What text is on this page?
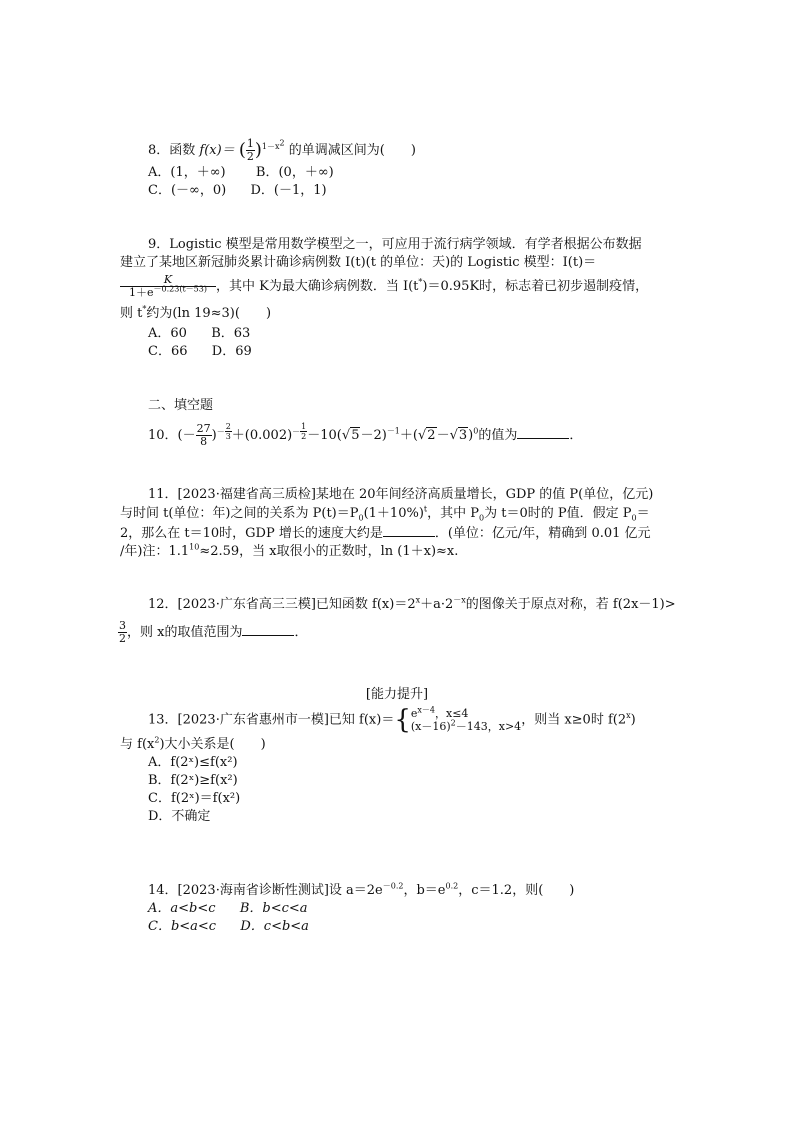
8．函数 f(x)＝ ( $\frac{1}{2} )^{1-x^2}$ 的单调减区间为(　　)
A．(1，＋∞) B．(0，＋∞)
C．(－∞，0) D．(－1，1)
9．Logistic 模型是常用数学模型之一，可应用于流行病学领域．有学者根据公布数据
建立了某地区新冠肺炎累计确诊病例数 I(t)(t 的单位：天)的 Logistic 模型：I(t)＝
$\frac{K}{1+e^{-0.23(t-53)}}$ ，其中 K为最大确诊病例数．当 I(t*)＝0.95K时，标志着已初步遏制疫情，
则 t*约为(ln 19≈3)(　　)
A．60 B．63
C．66 D．69
二、填空题
10．(－ $\frac{27}{8} )^{- \frac{2}{3}} +(0.002)^{- \frac{1}{2}} -10(√5-2)^{-1}+(√2-√3)^0$的值为	．
11．[2023·福建省高三质检]某地在 20年间经济高质量增长，GDP 的值 P(单位，亿元)
与时间 t(单位：年)之间的关系为 $P(t)=P_0(1+10\%)^t$，其中 $P_0$为 t＝0时的 P值．假定 $P_0=$
2，那么在 t＝10时，GDP 增长的速度大约是	．(单位：亿元/年，精确到 0.01 亿元
/年)注：$1.1^{10}\approx 2.59$，当 x取很小的正数时，ln (1＋x)≈x.
12．[2023·广东省高三三模]已知函数 $f(x)=2^x+a\cdot 2^{-x}$的图像关于原点对称，若 f(2x－1)>
$\frac{3}{2}$ ，则 x的取值范围为	．
[能力提升]
13．[2023·广东省惠州市一模]已知 f(x)＝{ $e^{x-4}$，x≤4
$(x-16)^2-143$，x>4 ，则当 x≥0时 f(2$^x$)
与 $f(x^2)$大小关系是(　　)
A．f(2ˣ)≤f(x²)
B．f(2ˣ)≥f(x²)
C．f(2ˣ)＝f(x²)
D．不确定
14．[2023·海南省诊断性测试]设 $a=2e^{-0.2}$，$b=e^{0.2}$，c＝1.2，则(　　)
A．a<b<c B．b<c<a
C．b<a<c D．c<b<a
